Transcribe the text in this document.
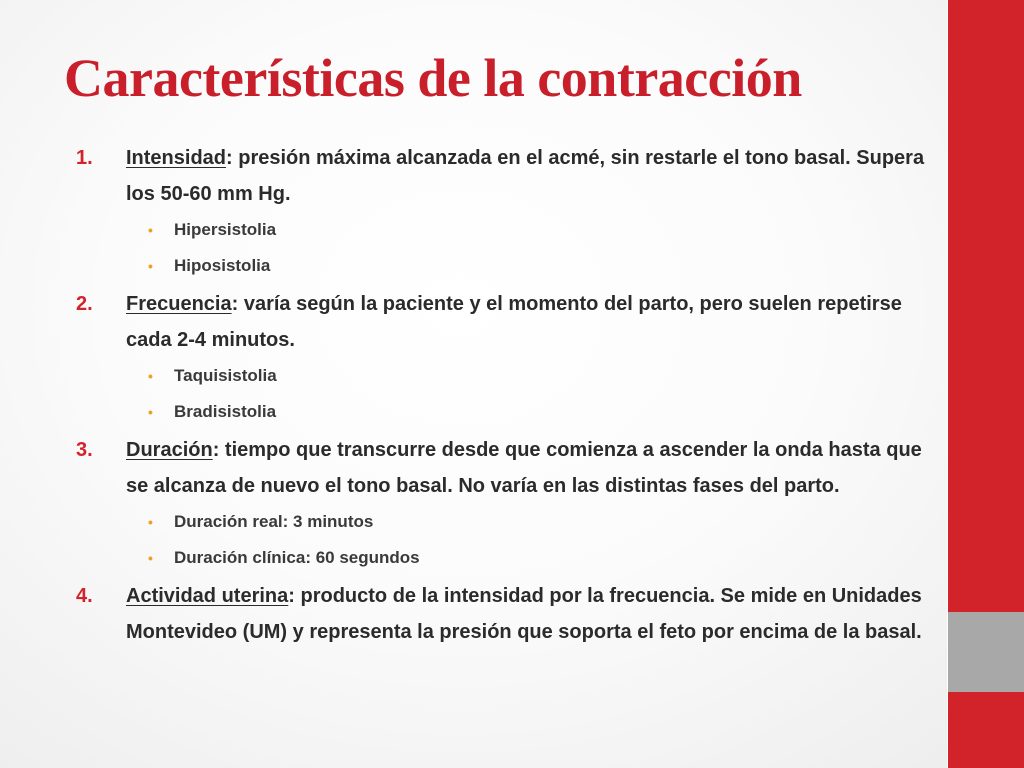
Características de la contracción
1. Intensidad: presión máxima alcanzada en el acmé, sin restarle el tono basal. Supera los 50-60 mm Hg.
• Hipersistolia
• Hiposistolia
2. Frecuencia: varía según la paciente y el momento del parto, pero suelen repetirse cada 2-4 minutos.
• Taquisistolia
• Bradisistolia
3. Duración: tiempo que transcurre desde que comienza a ascender la onda hasta que se alcanza de nuevo el tono basal. No varía en las distintas fases del parto.
• Duración real: 3 minutos
• Duración clínica: 60 segundos
4. Actividad uterina: producto de la intensidad por la frecuencia. Se mide en Unidades Montevideo (UM) y representa la presión que soporta el feto por encima de la basal.
